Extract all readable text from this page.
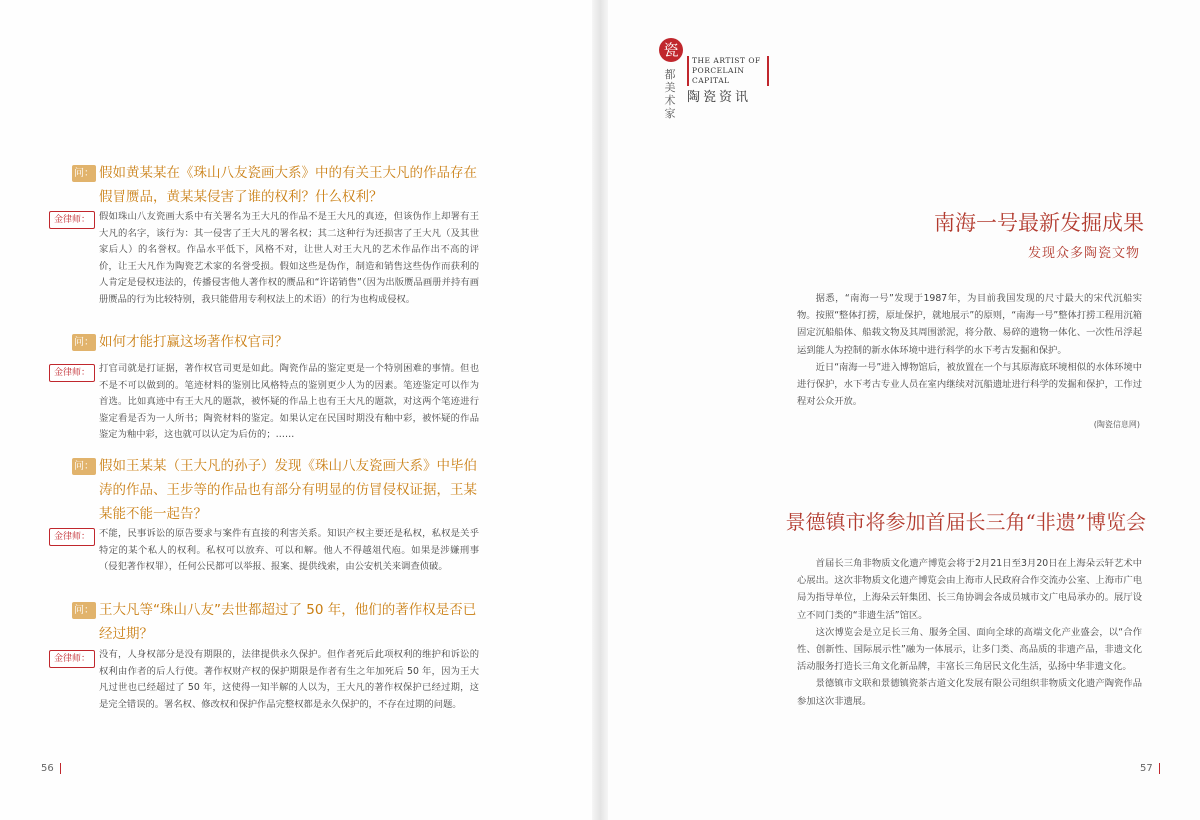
瓷
都
美
术
家
THE ARTIST OF
PORCELAIN CAPITAL
陶瓷资讯
问： 假如黄某某在《珠山八友瓷画大系》中的有关王大凡的作品存在假冒赝品，黄某某侵害了谁的权利？什么权利？
金律师： 假如珠山八友瓷画大系中有关署名为王大凡的作品不是王大凡的真迹，但该伪作上却署有王大凡的名字，该行为：其一侵害了王大凡的署名权；其二这种行为还损害了王大凡（及其世家后人）的名誉权。作品水平低下，风格不对，让世人对王大凡的艺术作品作出不高的评价，让王大凡作为陶瓷艺术家的名誉受损。假如这些是伪作，制造和销售这些伪作而获利的人肯定是侵权违法的，传播侵害他人著作权的赝品和“许诺销售”（因为出版赝品画册并持有画册赝品的行为比较特别，我只能借用专利权法上的术语）的行为也构成侵权。
问： 如何才能打赢这场著作权官司？
金律师： 打官司就是打证据，著作权官司更是如此。陶瓷作品的鉴定更是一个特别困难的事情。但也不是不可以做到的。笔迹材料的鉴别比风格特点的鉴别更少人为的因素。笔迹鉴定可以作为首选。比如真迹中有王大凡的题款，被怀疑的作品上也有王大凡的题款，对这两个笔迹进行鉴定看是否为一人所书；陶瓷材料的鉴定。如果认定在民国时期没有釉中彩，被怀疑的作品鉴定为釉中彩，这也就可以认定为后仿的；……
问： 假如王某某（王大凡的孙子）发现《珠山八友瓷画大系》中毕伯涛的作品、王步等的作品也有部分有明显的仿冒侵权证据，王某某能不能一起告？
金律师： 不能，民事诉讼的原告要求与案件有直接的利害关系。知识产权主要还是私权，私权是关乎特定的某个私人的权利。私权可以放弃、可以和解。他人不得越俎代庖。如果是涉嫌刑事（侵犯著作权罪），任何公民都可以举报、报案、提供线索，由公安机关来调查侦破。
问： 王大凡等“珠山八友”去世都超过了 50 年，他们的著作权是否已经过期？
金律师： 没有，人身权部分是没有期限的，法律提供永久保护。但作者死后此项权利的维护和诉讼的权利由作者的后人行使。著作权财产权的保护期限是作者有生之年加死后 50 年，因为王大凡过世也已经超过了 50 年，这使得一知半解的人以为，王大凡的著作权保护已经过期，这是完全错误的。署名权、修改权和保护作品完整权都是永久保护的，不存在过期的问题。
56
南海一号最新发掘成果
发现众多陶瓷文物

据悉，“南海一号”发现于1987年，为目前我国发现的尺寸最大的宋代沉船实物。按照“整体打捞，原址保护，就地展示”的原则，“南海一号”整体打捞工程用沉箱固定沉船船体、船载文物及其周围淤泥，将分散、易碎的遗物一体化、一次性吊浮起运到能人为控制的新水体环境中进行科学的水下考古发掘和保护。

近日“南海一号”进入博物馆后，被放置在一个与其原海底环境相似的水体环境中进行保护，水下考古专业人员在室内继续对沉船遗址进行科学的发掘和保护，工作过程对公众开放。

(陶瓷信息网)
景德镇市将参加首届长三角“非遗”博览会

首届长三角非物质文化遗产博览会将于2月21日至3月20日在上海朵云轩艺术中心展出。这次非物质文化遗产博览会由上海市人民政府合作交流办公室、上海市广电局为指导单位，上海朵云轩集团、长三角协调会各成员城市文广电局承办的。展厅设立不同门类的“非遗生活”馆区。

这次博览会是立足长三角、服务全国、面向全球的高端文化产业盛会，以“合作性、创新性、国际展示性”融为一体展示，让多门类、高品质的非遗产品，非遗文化活动服务打造长三角文化新品牌，丰富长三角居民文化生活，弘扬中华非遗文化。

景德镇市文联和景德镇瓷茶古道文化发展有限公司组织非物质文化遗产陶瓷作品参加这次非遗展。

57
